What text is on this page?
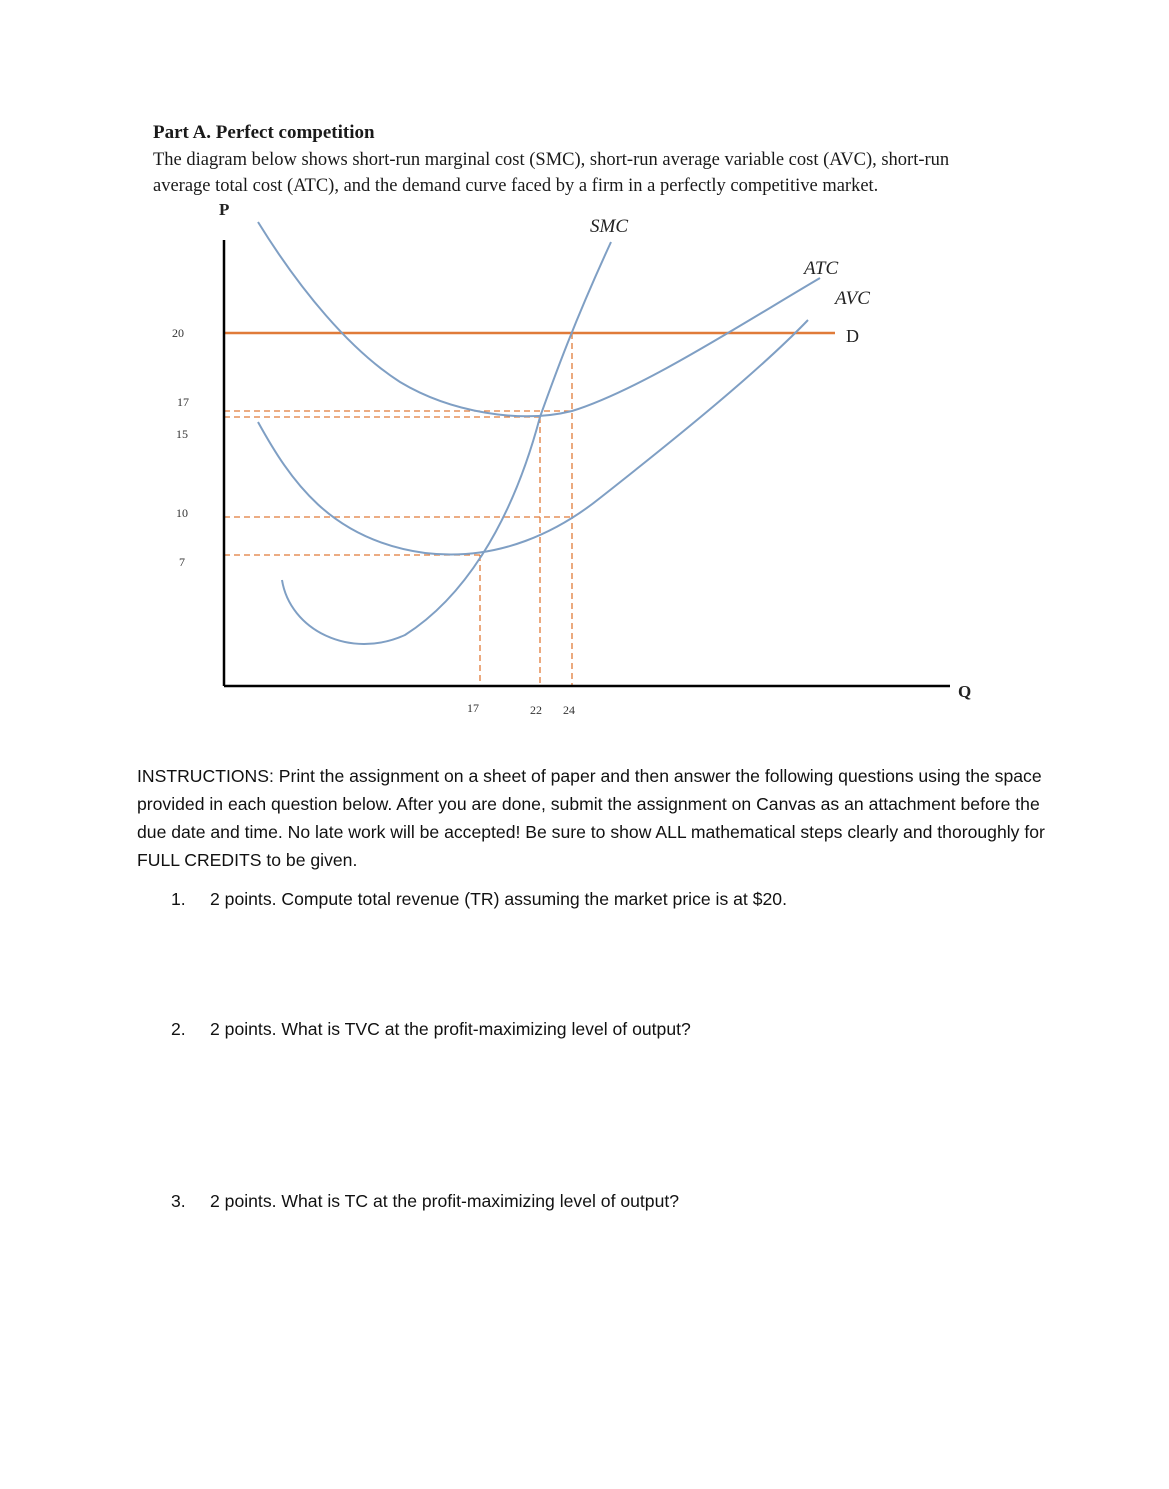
Part A. Perfect competition
The diagram below shows short-run marginal cost (SMC), short-run average variable cost (AVC), short-run
average total cost (ATC), and the demand curve faced by a firm in a perfectly competitive market.
P
Q
20
17
15
10
7
17	22 24
SMC
ATC
AVC
D
INSTRUCTIONS: Print the assignment on a sheet of paper and then answer the following questions using the space provided in each question below. After you are done, submit the assignment on Canvas as an attachment before the due date and time. No late work will be accepted! Be sure to show ALL mathematical steps clearly and thoroughly for FULL CREDITS to be given.
1. 2 points. Compute total revenue (TR) assuming the market price is at $20.
2. 2 points. What is TVC at the profit-maximizing level of output?
3. 2 points. What is TC at the profit-maximizing level of output?
